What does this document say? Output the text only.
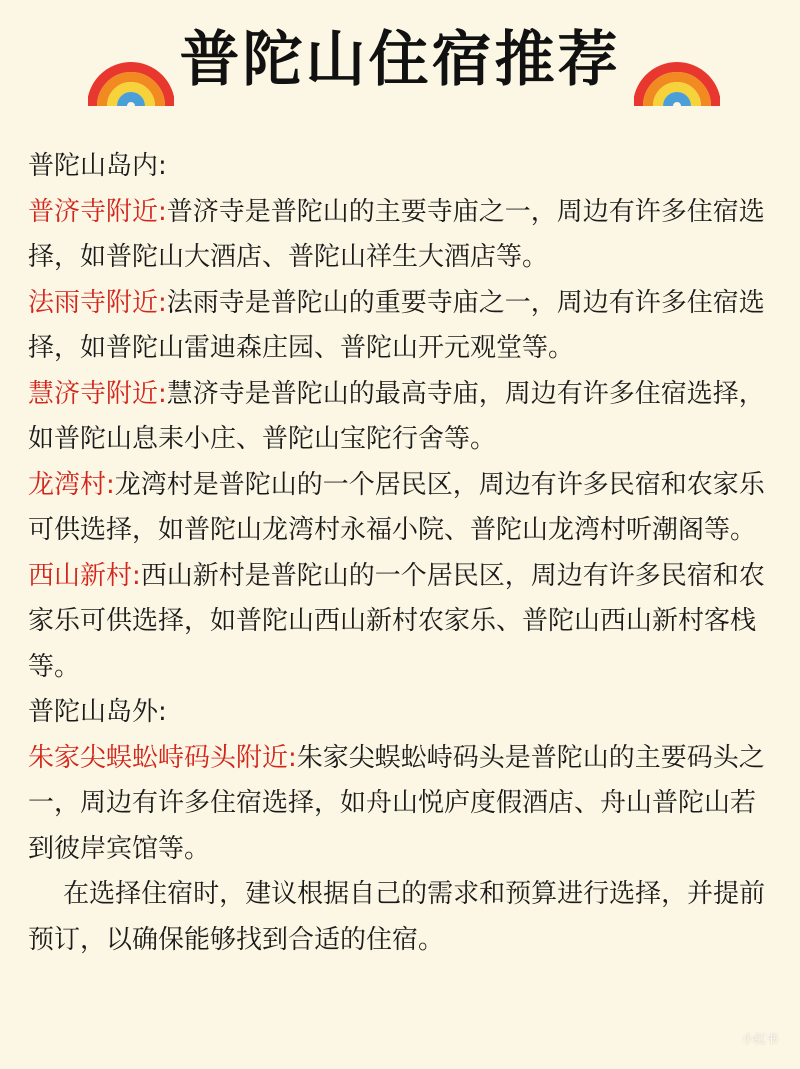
普陀山住宿推荐

普陀山岛内:

普济寺附近:普济寺是普陀山的主要寺庙之一，周边有许多住宿选择，如普陀山大酒店、普陀山祥生大酒店等。

法雨寺附近:法雨寺是普陀山的重要寺庙之一，周边有许多住宿选择，如普陀山雷迪森庄园、普陀山开元观堂等。

慧济寺附近:慧济寺是普陀山的最高寺庙，周边有许多住宿选择，如普陀山息耒小庄、普陀山宝陀行舍等。

龙湾村:龙湾村是普陀山的一个居民区，周边有许多民宿和农家乐可供选择，如普陀山龙湾村永福小院、普陀山龙湾村听潮阁等。

西山新村:西山新村是普陀山的一个居民区，周边有许多民宿和农家乐可供选择，如普陀山西山新村农家乐、普陀山西山新村客栈等。

普陀山岛外:

朱家尖蜈蚣峙码头附近:朱家尖蜈蚣峙码头是普陀山的主要码头之一，周边有许多住宿选择，如舟山悦庐度假酒店、舟山普陀山若到彼岸宾馆等。

在选择住宿时，建议根据自己的需求和预算进行选择，并提前预订，以确保能够找到合适的住宿。

小红书
